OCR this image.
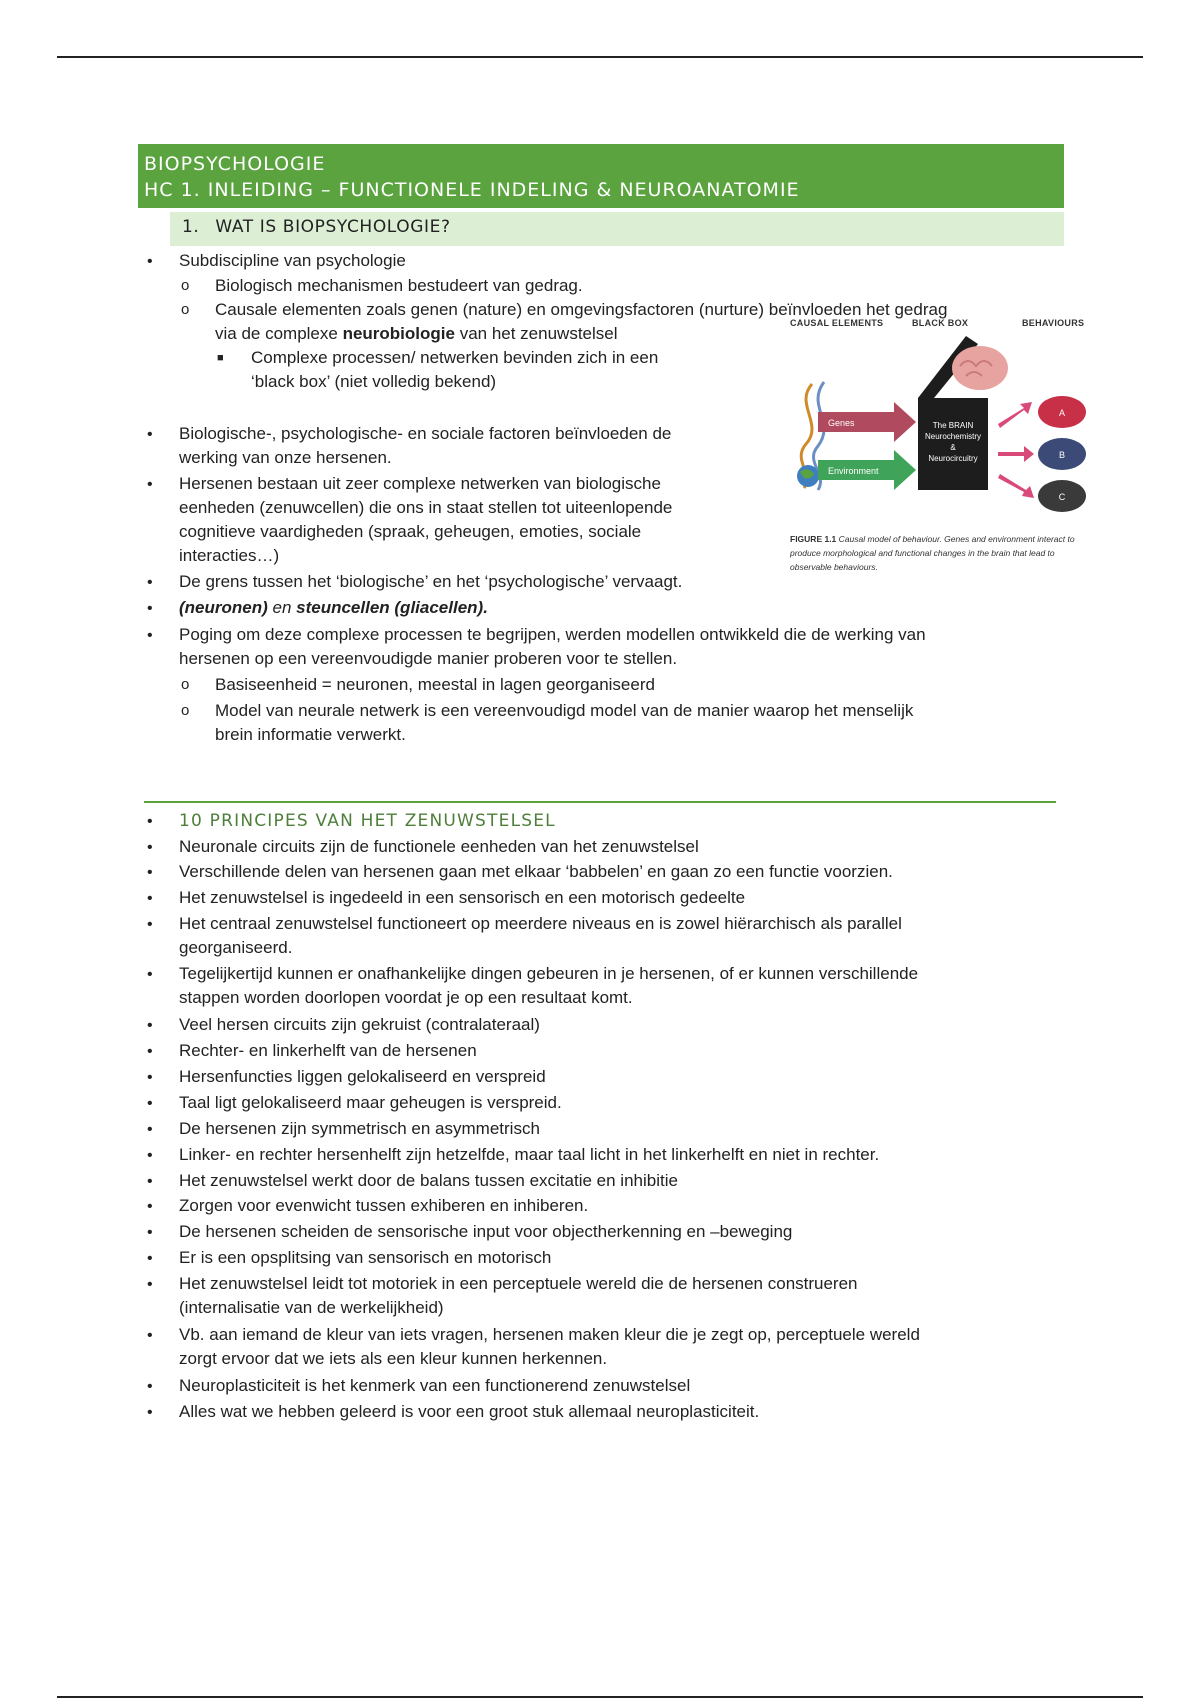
BIOPSYCHOLOGIE
HC 1. INLEIDING – FUNCTIONELE INDELING & NEUROANATOMIE
1. WAT IS BIOPSYCHOLOGIE?
•
Subdiscipline van psychologie
o
Biologisch mechanismen bestudeert van gedrag.
o
Causale elementen zoals genen (nature) en omgevingsfactoren (nurture) beïnvloeden het gedrag
via de complexe neurobiologie van het zenuwstelsel
■
Complexe processen/ netwerken bevinden zich in een
‘black box’ (niet volledig bekend)
•
Biologische-, psychologische- en sociale factoren beïnvloeden de
werking van onze hersenen.
•
Hersenen bestaan uit zeer complexe netwerken van biologische
eenheden (zenuwcellen) die ons in staat stellen tot uiteenlopende
cognitieve vaardigheden (spraak, geheugen, emoties, sociale
interacties…)
•
De grens tussen het ‘biologische’ en het ‘psychologische’ vervaagt.
•
(neuronen) en steuncellen (gliacellen).
•
Poging om deze complexe processen te begrijpen, werden modellen ontwikkeld die de werking van
hersenen op een vereenvoudigde manier proberen voor te stellen.
o
Basiseenheid = neuronen, meestal in lagen georganiseerd
o
Model van neurale netwerk is een vereenvoudigd model van de manier waarop het menselijk
brein informatie verwerkt.
CAUSAL ELEMENTS	BLACK BOX	BEHAVIOURS
Genes
Environment
The BRAIN
Neurochemistry
&
Neurocircuitry
A
B
C
FIGURE 1.1 Causal model of behaviour. Genes and environment interact to produce morphological and functional changes in the brain that lead to observable behaviours.
•
10 PRINCIPES VAN HET ZENUWSTELSEL
•
Neuronale circuits zijn de functionele eenheden van het zenuwstelsel
•
Verschillende delen van hersenen gaan met elkaar ‘babbelen’ en gaan zo een functie voorzien.
•
Het zenuwstelsel is ingedeeld in een sensorisch en een motorisch gedeelte
•
Het centraal zenuwstelsel functioneert op meerdere niveaus en is zowel hiërarchisch als parallel
georganiseerd.
•
Tegelijkertijd kunnen er onafhankelijke dingen gebeuren in je hersenen, of er kunnen verschillende
stappen worden doorlopen voordat je op een resultaat komt.
•
Veel hersen circuits zijn gekruist (contralateraal)
•
Rechter- en linkerhelft van de hersenen
•
Hersenfuncties liggen gelokaliseerd en verspreid
•
Taal ligt gelokaliseerd maar geheugen is verspreid.
•
De hersenen zijn symmetrisch en asymmetrisch
•
Linker- en rechter hersenhelft zijn hetzelfde, maar taal licht in het linkerhelft en niet in rechter.
•
Het zenuwstelsel werkt door de balans tussen excitatie en inhibitie
•
Zorgen voor evenwicht tussen exhiberen en inhiberen.
•
De hersenen scheiden de sensorische input voor objectherkenning en –beweging
•
Er is een opsplitsing van sensorisch en motorisch
•
Het zenuwstelsel leidt tot motoriek in een perceptuele wereld die de hersenen construeren
(internalisatie van de werkelijkheid)
•
Vb. aan iemand de kleur van iets vragen, hersenen maken kleur die je zegt op, perceptuele wereld
zorgt ervoor dat we iets als een kleur kunnen herkennen.
•
Neuroplasticiteit is het kenmerk van een functionerend zenuwstelsel
•
Alles wat we hebben geleerd is voor een groot stuk allemaal neuroplasticiteit.
